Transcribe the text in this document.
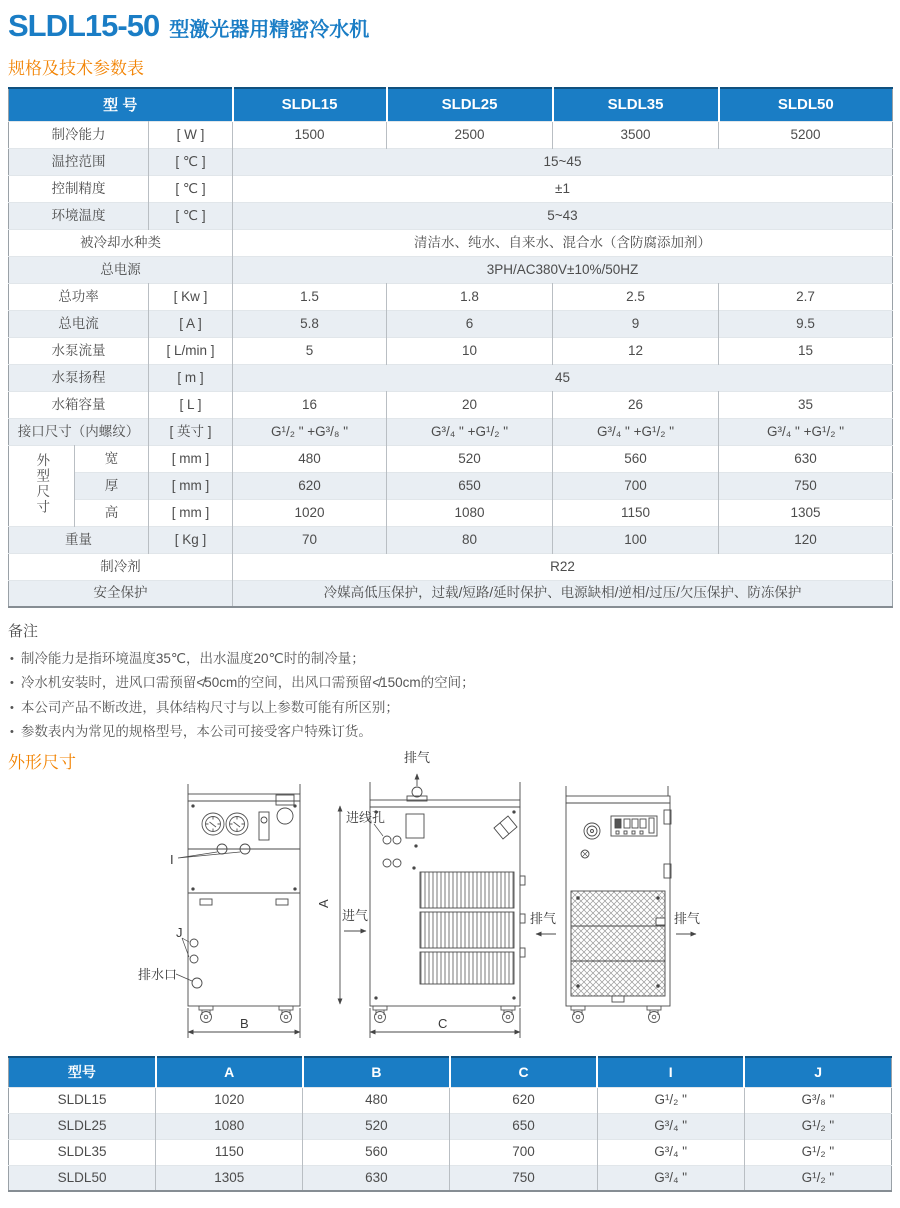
SLDL15-50 型激光器用精密冷水机
规格及技术参数表
型 号			SLDL15	SLDL25	SLDL35	SLDL50
制冷能力		[ W ]	1500	2500	3500	5200
温控范围		[ ℃ ]	15~45			
控制精度		[ ℃ ]	±1			
环境温度		[ ℃ ]	5~43			
被冷却水种类			清洁水、纯水、自来水、混合水（含防腐添加剂）			
总电源			3PH/AC380V±10%/50HZ			
总功率		[ Kw ]	1.5	1.8	2.5	2.7
总电流		[ A ]	5.8	6	9	9.5
水泵流量		[ L/min ]	5	10	12	15
水泵扬程		[ m ]	45			
水箱容量		[ L ]	16	20	26	35
接口尺寸（内螺纹）		[ 英寸 ]	G¹/₂ " +G³/₈ "	G³/₄ " +G¹/₂ "	G³/₄ " +G¹/₂ "	G³/₄ " +G¹/₂ "
外型尺寸	宽	[ mm ]	480	520	560	630
	厚	[ mm ]	620	650	700	750
	高	[ mm ]	1020	1080	1150	1305
重量		[ Kg ]	70	80	100	120
制冷剂			R22			
安全保护			冷媒高低压保护，过载/短路/延时保护、电源缺相/逆相/过压/欠压保护、防冻保护			
备注
• 制冷能力是指环境温度35℃，出水温度20℃时的制冷量；
• 冷水机安装时，进风口需预留≮50cm的空间，出风口需预留≮150cm的空间；
• 本公司产品不断改进，具体结构尺寸与以上参数可能有所区别；
• 参数表内为常见的规格型号，本公司可接受客户特殊订货。
外形尺寸
I
J
排水口
B
排气
进线孔
进气
A
C
排气	排气
型号	A	B	C	I	J
SLDL15	1020	480	620	G¹/₂ "	G³/₈ "
SLDL25	1080	520	650	G³/₄ "	G¹/₂ "
SLDL35	1150	560	700	G³/₄ "	G¹/₂ "
SLDL50	1305	630	750	G³/₄ "	G¹/₂ "
